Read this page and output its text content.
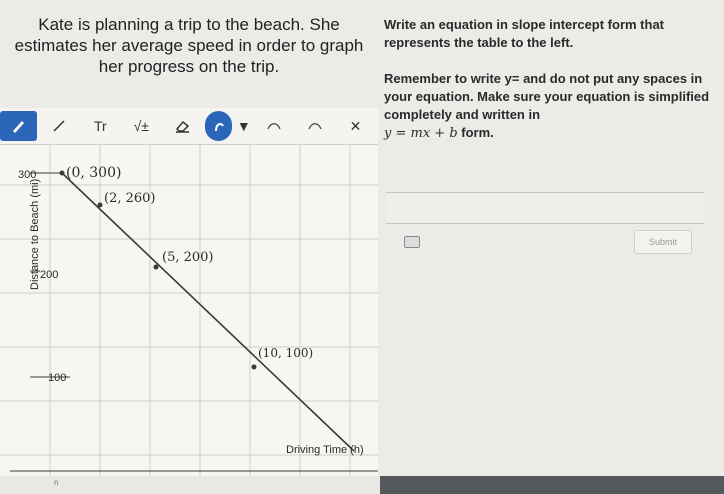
Kate is planning a trip to the beach. She estimates her average speed in order to graph her progress on the trip.

Write an equation in slope intercept form that represents the table to the left.

Remember to write y= and do not put any spaces in your equation. Make sure your equation is simplified completely and written in

y = mx + b form.

Tr	√±	▼	✕
300
200
100
(0, 300)
(2, 260)
(5, 200)
(10, 100)
Driving Time (h)
Distance to Beach (mi)	Submit
n
